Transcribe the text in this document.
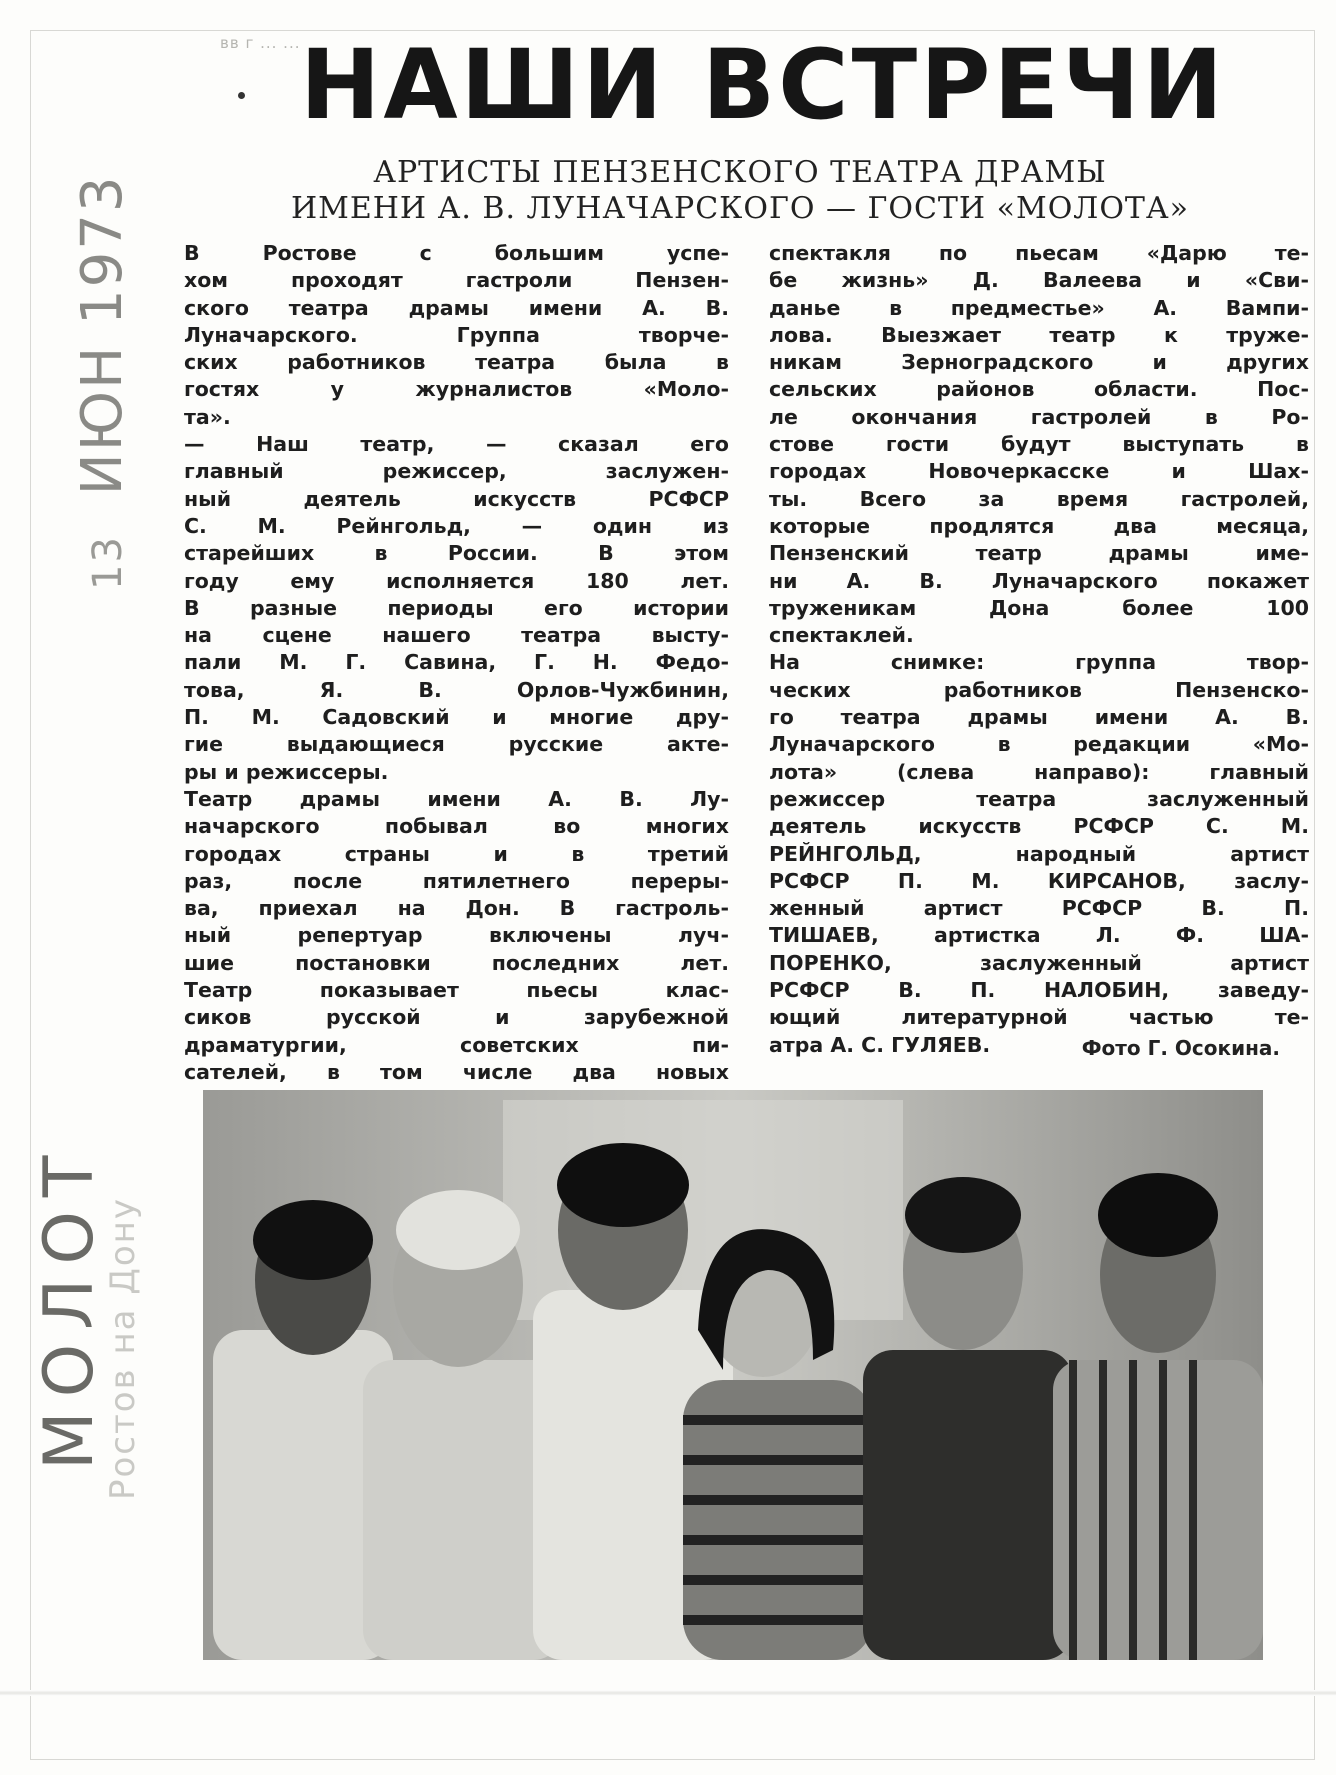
вв г ... ... НАШИ ВСТРЕЧИ
АРТИСТЫ ПЕНЗЕНСКОГО ТЕАТРА ДРАМЫ
ИМЕНИ А. В. ЛУНАЧАРСКОГО — ГОСТИ «МОЛОТА»
В Ростове с большим успе-
хом проходят гастроли Пензен-
ского театра драмы имени А. В.
Луначарского. Группа творче-
ских работников театра была в
гостях у журналистов «Моло-
та».
— Наш театр, — сказал его
главный режиссер, заслужен-
ный деятель искусств РСФСР
С. М. Рейнгольд, — один из
старейших в России. В этом
году ему исполняется 180 лет.
В разные периоды его истории
на сцене нашего театра высту-
пали М. Г. Савина, Г. Н. Федо-
това, Я. В. Орлов-Чужбинин,
П. М. Садовский и многие дру-
гие выдающиеся русские акте-
ры и режиссеры.
Театр драмы имени А. В. Лу-
начарского побывал во многих
городах страны и в третий
раз, после пятилетнего переры-
ва, приехал на Дон. В гастроль-
ный репертуар включены луч-
шие постановки последних лет.
Театр показывает пьесы клас-
сиков русской и зарубежной
драматургии, советских пи-
сателей, в том числе два новых
спектакля по пьесам «Дарю те-
бе жизнь» Д. Валеева и «Сви-
данье в предместье» А. Вампи-
лова. Выезжает театр к труже-
никам Зерноградского и других
сельских районов области. Пос-
ле окончания гастролей в Ро-
стове гости будут выступать в
городах Новочеркасске и Шах-
ты. Всего за время гастролей,
которые продлятся два месяца,
Пензенский театр драмы име-
ни А. В. Луначарского покажет
труженикам Дона более 100
спектаклей.
На снимке: группа твор-
ческих работников Пензенско-
го театра драмы имени А. В.
Луначарского в редакции «Мо-
лота» (слева направо): главный
режиссер театра заслуженный
деятель искусств РСФСР С. М.
РЕЙНГОЛЬД, народный артист
РСФСР П. М. КИРСАНОВ, заслу-
женный артист РСФСР В. П.
ТИШАЕВ, артистка Л. Ф. ША-
ПОРЕНКО, заслуженный артист
РСФСР В. П. НАЛОБИН, заведу-
ющий литературной частью те-
атра А. С. ГУЛЯЕВ.	Фото Г. Осокина.
13 ИЮН 1973
МОЛОТ
Ростов на Дону
